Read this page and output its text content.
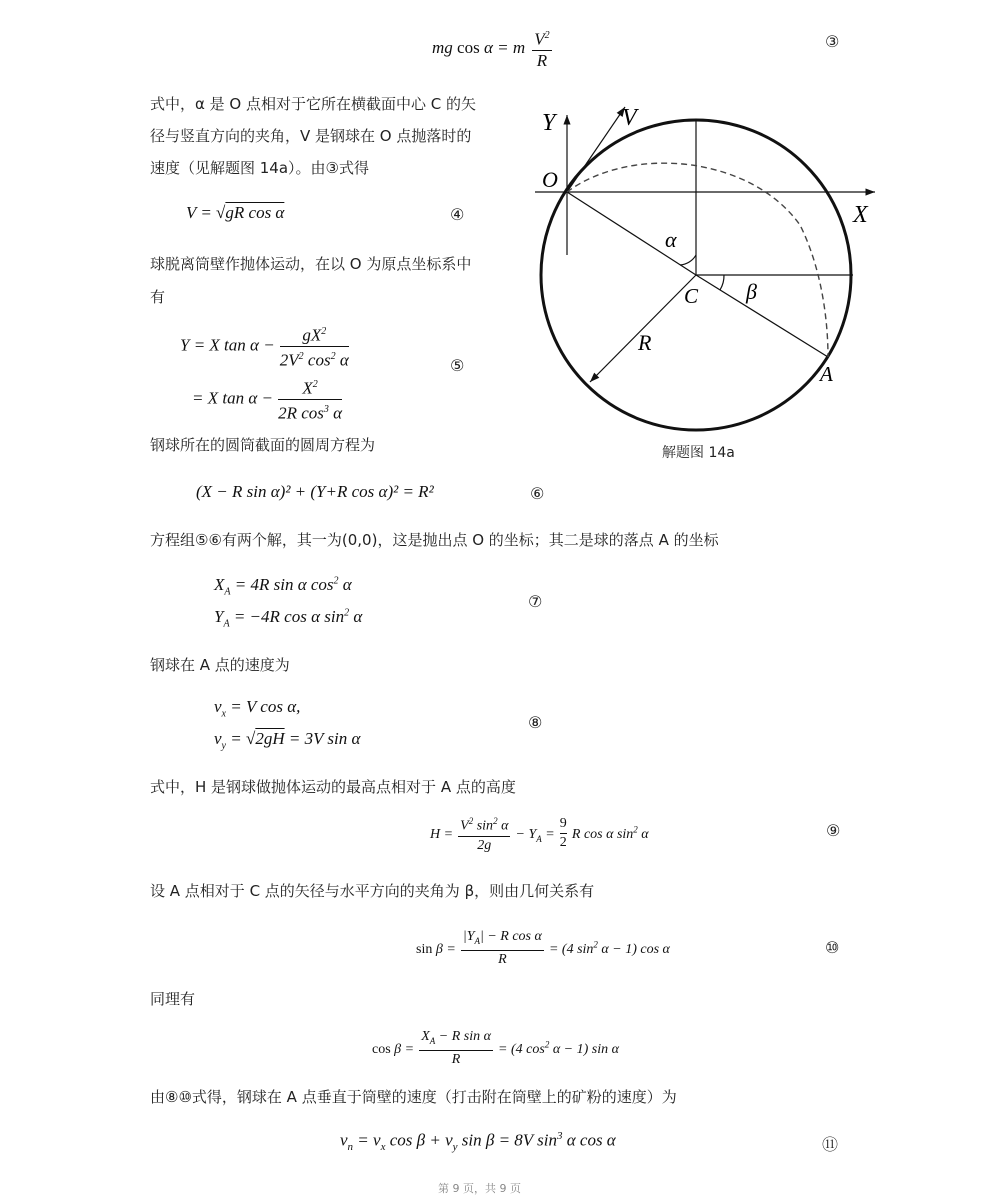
mg cos α = m $\frac{V^2}{R}$	③
式中，α 是 O 点相对于它所在横截面中心 C 的矢
径与竖直方向的夹角，V 是钢球在 O 点抛落时的
速度（见解题图 14a）。由③式得
V = √gR cos α	④
球脱离筒壁作抛体运动，在以 O 为原点坐标系中
有
Y = X $\tan \alpha - \frac{gX^2}{2V^2 \cos^2 \alpha}$
= X $\tan \alpha - \frac{X^2}{2R \cos^3 \alpha}$
⑤
钢球所在的圆筒截面的圆周方程为
(X − R sin α)² + (Y+R cos α)² = R²	⑥
方程组⑤⑥有两个解，其一为(0,0)，这是抛出点 O 的坐标；其二是球的落点 A 的坐标
$X_A = 4R$ sin α $\cos^2 \alpha$
$Y_A = -4R$ cos α $\sin^2 \alpha$
⑦
钢球在 A 点的速度为
$v_x = V$ cos α,
$v_y = √2gH = 3V$ sin α
⑧
式中，H 是钢球做抛体运动的最高点相对于 A 点的高度
$H = \frac{V^2 \sin^2 \alpha}{2g} - Y_A = \frac{9}{2}$ R cos α $\sin^2 \alpha$	⑨
设 A 点相对于 C 点的矢径与水平方向的夹角为 β，则由几何关系有
$\sin \beta = \frac{|Y_A| - R \cos \alpha}{R} = (4$ $\sin^2 \alpha - 1$) cos α	⑩
同理有
$\cos \beta = \frac{X_A - R \sin \alpha}{R} = (4$ $\cos^2 \alpha - 1$) sin α
由⑧⑩式得，钢球在 A 点垂直于筒壁的速度（打击附在筒壁上的矿粉的速度）为
$v_n = v_x$ $\cos \beta + v_y$ sin β = 8V $\sin^3 \alpha$ cos α	⑪
第 9 页，共 9 页
Y	V
O
X
α
C β
R
A
解题图 14a
